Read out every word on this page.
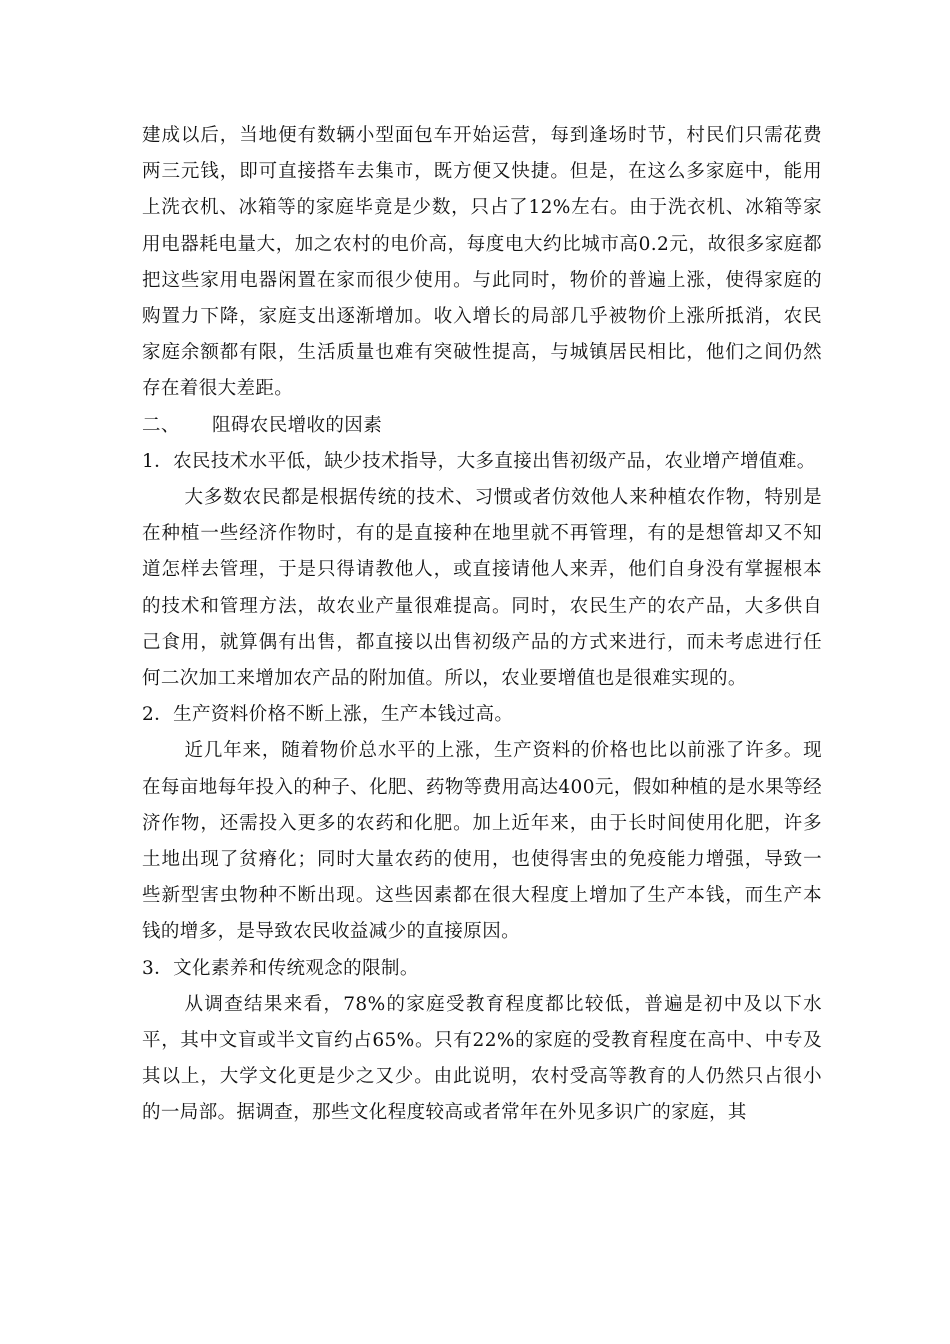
建成以后，当地便有数辆小型面包车开始运营，每到逢场时节，村民们只需花费两三元钱，即可直接搭车去集市，既方便又快捷。但是，在这么多家庭中，能用上洗衣机、冰箱等的家庭毕竟是少数，只占了12%左右。由于洗衣机、冰箱等家用电器耗电量大，加之农村的电价高，每度电大约比城市高0.2元，故很多家庭都把这些家用电器闲置在家而很少使用。与此同时，物价的普遍上涨，使得家庭的购置力下降，家庭支出逐渐增加。收入增长的局部几乎被物价上涨所抵消，农民家庭余额都有限，生活质量也难有突破性提高，与城镇居民相比，他们之间仍然存在着很大差距。

二、 阻碍农民增收的因素

1．农民技术水平低，缺少技术指导，大多直接出售初级产品，农业增产增值难。

大多数农民都是根据传统的技术、习惯或者仿效他人来种植农作物，特别是在种植一些经济作物时，有的是直接种在地里就不再管理，有的是想管却又不知道怎样去管理，于是只得请教他人，或直接请他人来弄，他们自身没有掌握根本的技术和管理方法，故农业产量很难提高。同时，农民生产的农产品，大多供自己食用，就算偶有出售，都直接以出售初级产品的方式来进行，而未考虑进行任何二次加工来增加农产品的附加值。所以，农业要增值也是很难实现的。

2．生产资料价格不断上涨，生产本钱过高。

近几年来，随着物价总水平的上涨，生产资料的价格也比以前涨了许多。现在每亩地每年投入的种子、化肥、药物等费用高达400元，假如种植的是水果等经济作物，还需投入更多的农药和化肥。加上近年来，由于长时间使用化肥，许多土地出现了贫瘠化；同时大量农药的使用，也使得害虫的免疫能力增强，导致一些新型害虫物种不断出现。这些因素都在很大程度上增加了生产本钱，而生产本钱的增多，是导致农民收益减少的直接原因。

3．文化素养和传统观念的限制。

从调查结果来看，78%的家庭受教育程度都比较低，普遍是初中及以下水平，其中文盲或半文盲约占65%。只有22%的家庭的受教育程度在高中、中专及其以上，大学文化更是少之又少。由此说明，农村受高等教育的人仍然只占很小的一局部。据调查，那些文化程度较高或者常年在外见多识广的家庭，其
